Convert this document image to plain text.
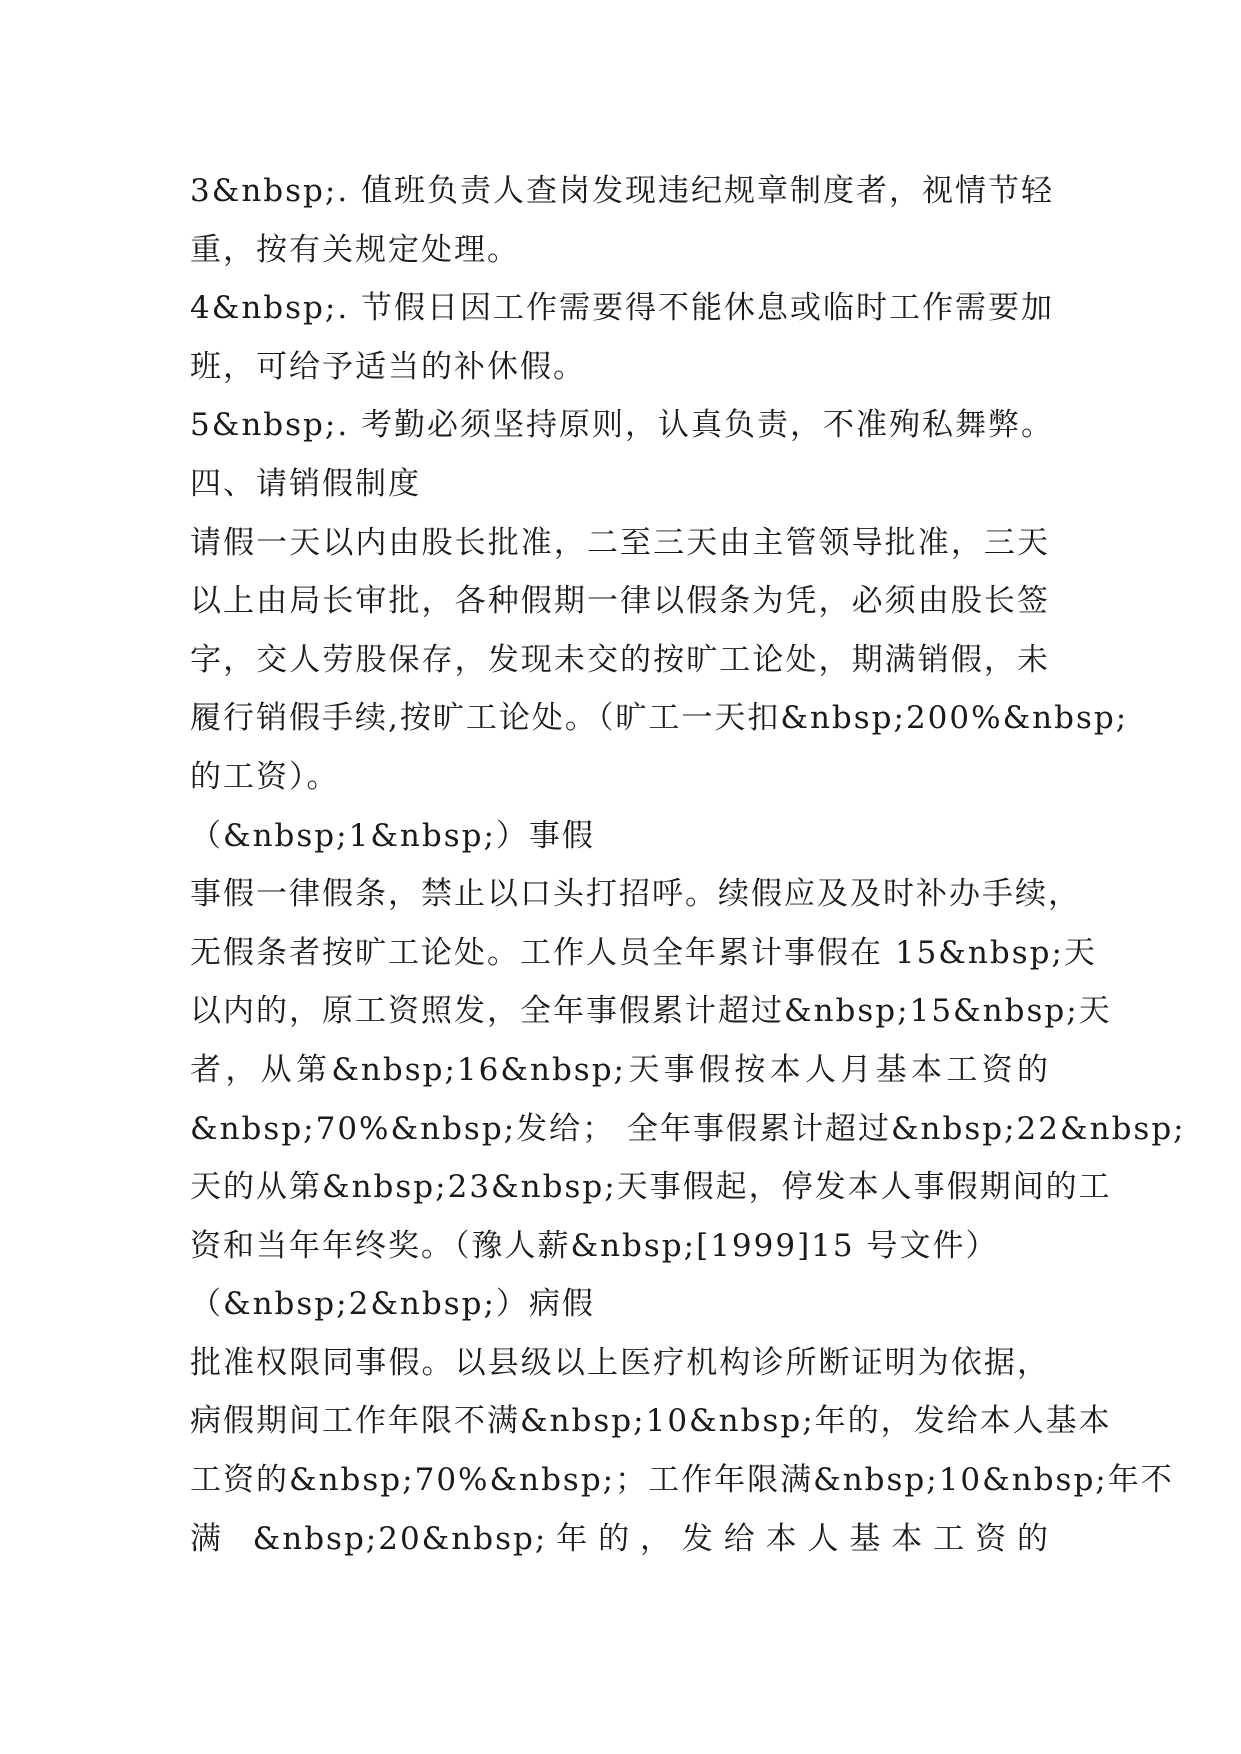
3&nbsp;. 值班负责人查岗发现违纪规章制度者，视情节轻
重，按有关规定处理。
4&nbsp;. 节假日因工作需要得不能休息或临时工作需要加
班，可给予适当的补休假。
5&nbsp;. 考勤必须坚持原则，认真负责，不准殉私舞弊。
四、请销假制度
请假一天以内由股长批准，二至三天由主管领导批准，三天
以上由局长审批，各种假期一律以假条为凭，必须由股长签
字，交人劳股保存，发现未交的按旷工论处，期满销假，未
履行销假手续,按旷工论处。（旷工一天扣&nbsp;200%&nbsp;
的工资）。
（&nbsp;1&nbsp;）事假
事假一律假条，禁止以口头打招呼。续假应及及时补办手续，
无假条者按旷工论处。工作人员全年累计事假在 15&nbsp;天
以内的，原工资照发，全年事假累计超过&nbsp;15&nbsp;天
者，从第&nbsp;16&nbsp;天事假按本人月基本工资的
&nbsp;70%&nbsp;发给； 全年事假累计超过&nbsp;22&nbsp;
天的从第&nbsp;23&nbsp;天事假起，停发本人事假期间的工
资和当年年终奖。（豫人薪&nbsp;[1999]15 号文件）
（&nbsp;2&nbsp;）病假
批准权限同事假。以县级以上医疗机构诊所断证明为依据，
病假期间工作年限不满&nbsp;10&nbsp;年的，发给本人基本
工资的&nbsp;70%&nbsp;；工作年限满&nbsp;10&nbsp;年不
满 &nbsp;20&nbsp;年的，发给本人基本工资的
